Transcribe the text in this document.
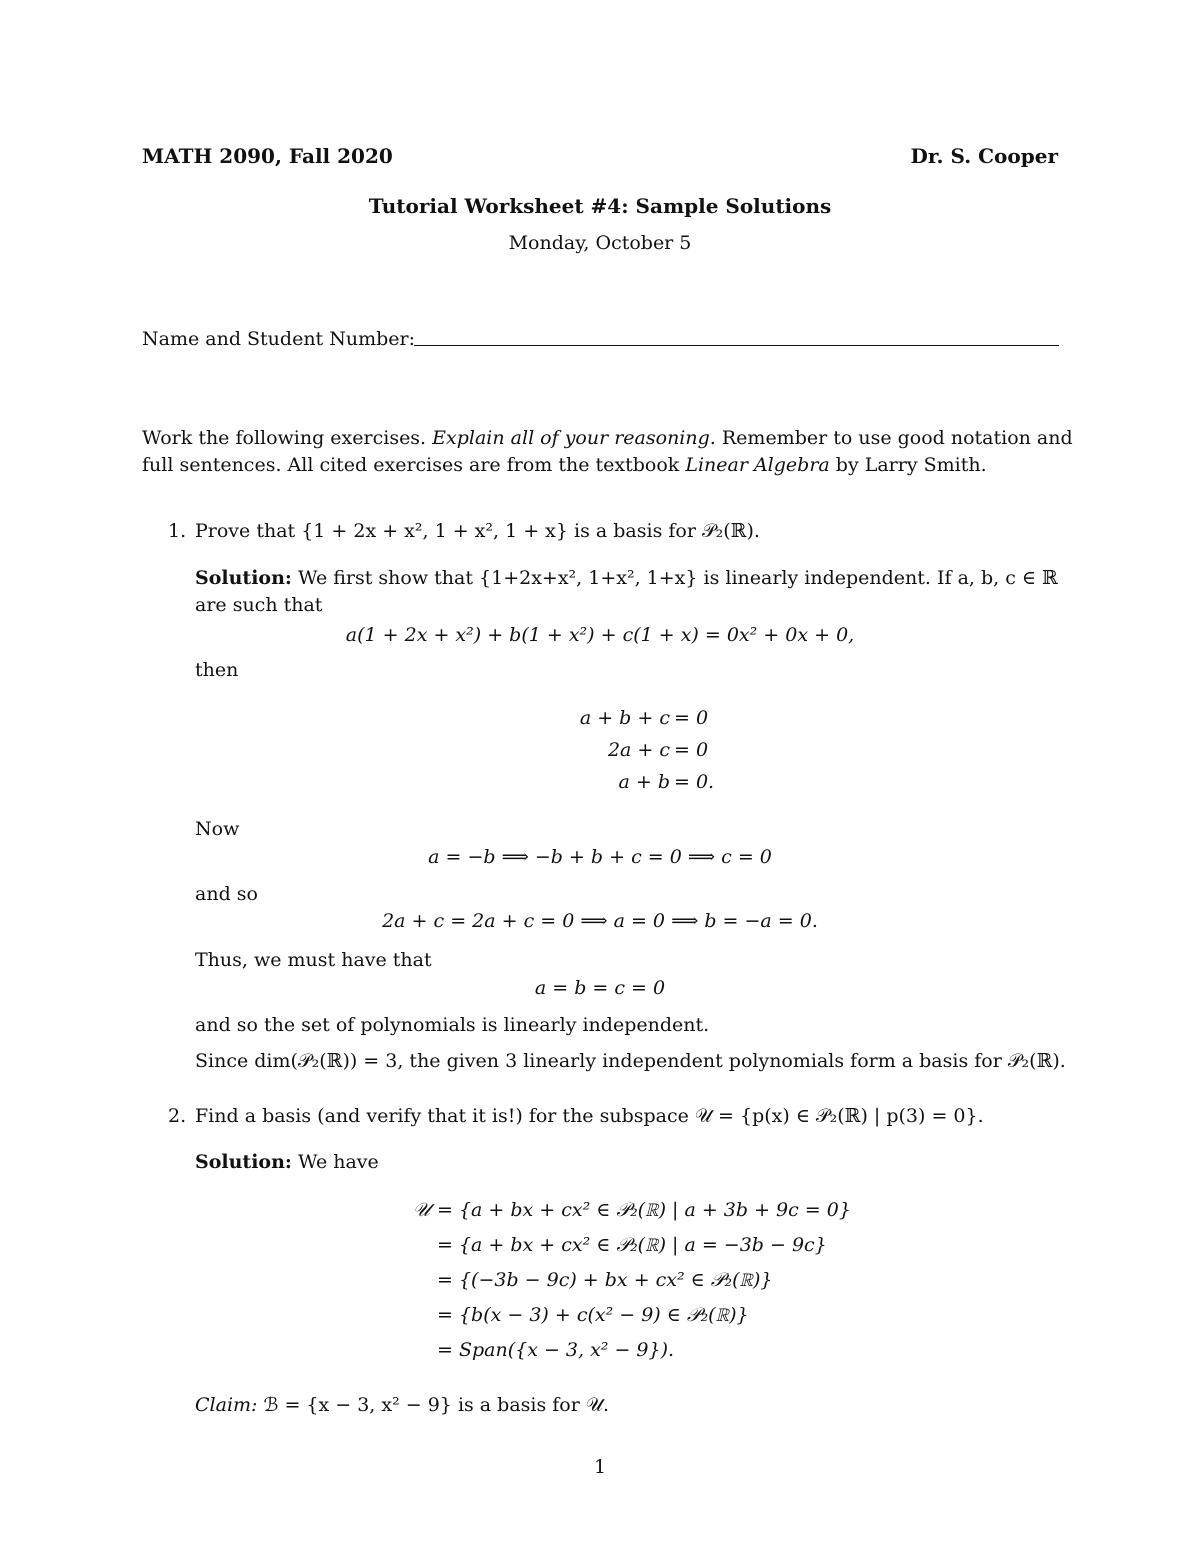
MATH 2090, Fall 2020	Dr. S. Cooper
Tutorial Worksheet #4: Sample Solutions
Monday, October 5
Name and Student Number:
Work the following exercises. Explain all of your reasoning. Remember to use good notation and
full sentences. All cited exercises are from the textbook Linear Algebra by Larry Smith.
1. Prove that {1 + 2x + x², 1 + x², 1 + x} is a basis for 𝒫₂(ℝ).
Solution: We first show that {1+2x+x², 1+x², 1+x} is linearly independent. If a, b, c ∈ ℝ
are such that
a(1 + 2x + x²) + b(1 + x²) + c(1 + x) = 0x² + 0x + 0,
then
a + b + c = 0
2a + c = 0
a + b = 0.
Now
a = −b ⟹ −b + b + c = 0 ⟹ c = 0
and so
2a + c = 2a + c = 0 ⟹ a = 0 ⟹ b = −a = 0.
Thus, we must have that
a = b = c = 0
and so the set of polynomials is linearly independent.
Since dim(𝒫₂(ℝ)) = 3, the given 3 linearly independent polynomials form a basis for 𝒫₂(ℝ).
2. Find a basis (and verify that it is!) for the subspace 𝒰 = {p(x) ∈ 𝒫₂(ℝ) | p(3) = 0}.
Solution: We have
𝒰 = {a + bx + cx² ∈ 𝒫₂(ℝ) | a + 3b + 9c = 0}
= {a + bx + cx² ∈ 𝒫₂(ℝ) | a = −3b − 9c}
= {(−3b − 9c) + bx + cx² ∈ 𝒫₂(ℝ)}
= {b(x − 3) + c(x² − 9) ∈ 𝒫₂(ℝ)}
= Span({x − 3, x² − 9}).
Claim: ℬ = {x − 3, x² − 9} is a basis for 𝒰.
1
